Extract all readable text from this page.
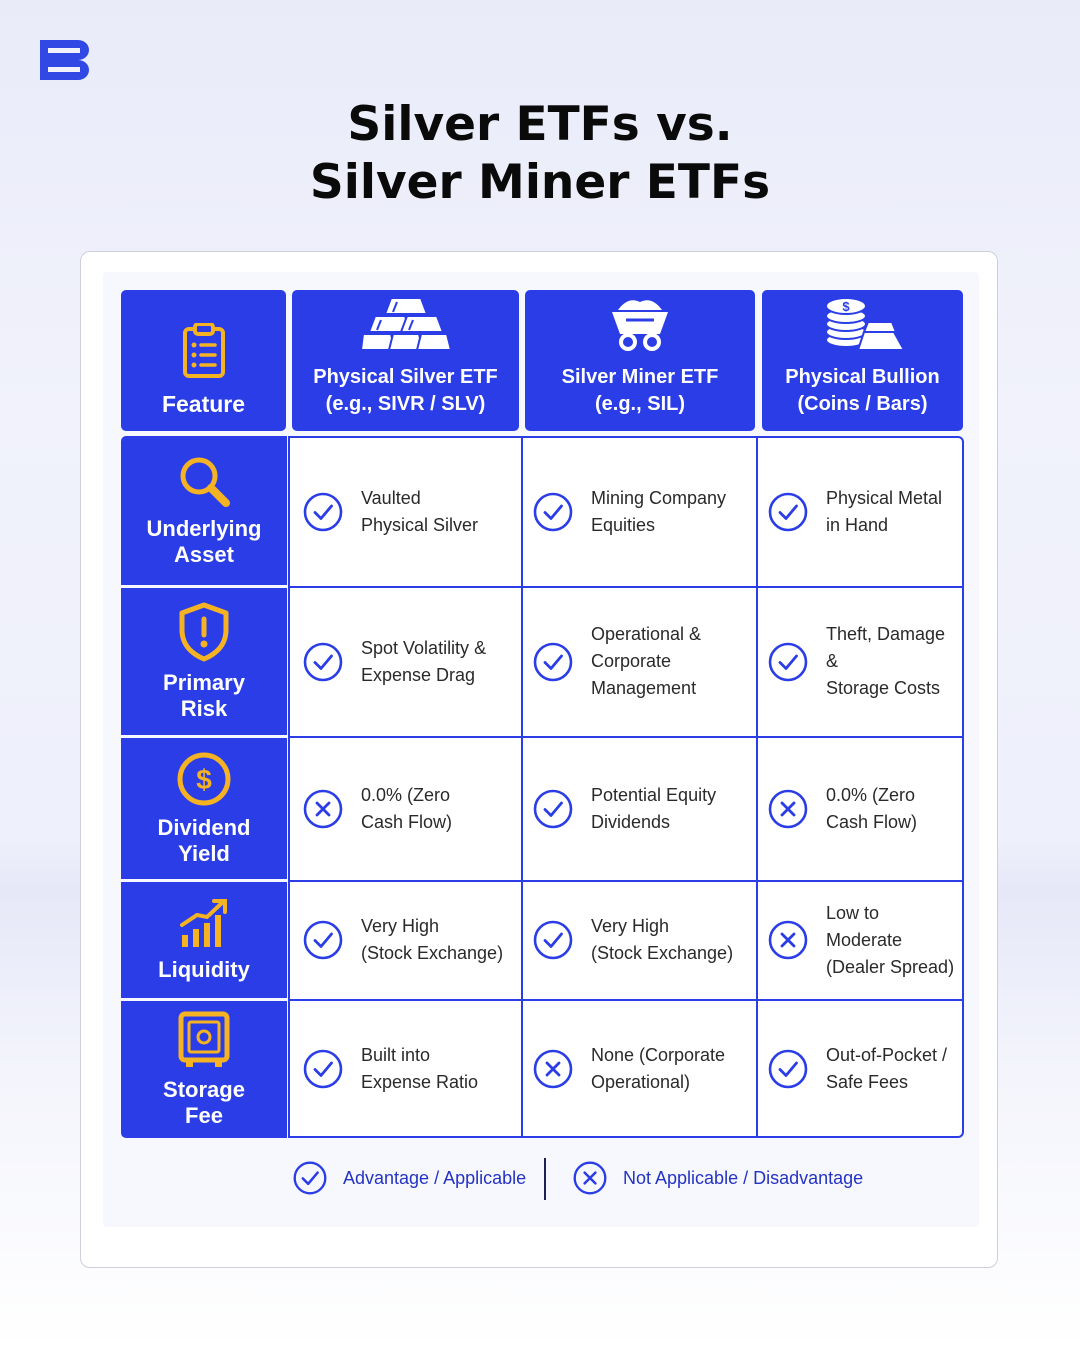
Silver ETFs vs.
Silver Miner ETFs
Feature
Physical Silver ETF
(e.g., SIVR / SLV)
Silver Miner ETF
(e.g., SIL)
$
Physical Bullion
(Coins / Bars)
Underlying
Asset
Primary
Risk
$
Dividend
Yield
Liquidity
Storage
Fee
Vaulted
Physical Silver
Mining Company
Equities
Physical Metal
in Hand
Spot Volatility &
Expense Drag
Operational &
Corporate
Management
Theft, Damage &
Storage Costs
0.0% (Zero
Cash Flow)
Potential Equity
Dividends
0.0% (Zero
Cash Flow)
Very High
(Stock Exchange)
Very High
(Stock Exchange)
Low to Moderate
(Dealer Spread)
Built into
Expense Ratio
None (Corporate
Operational)
Out-of-Pocket /
Safe Fees
Advantage / Applicable	Not Applicable / Disadvantage
